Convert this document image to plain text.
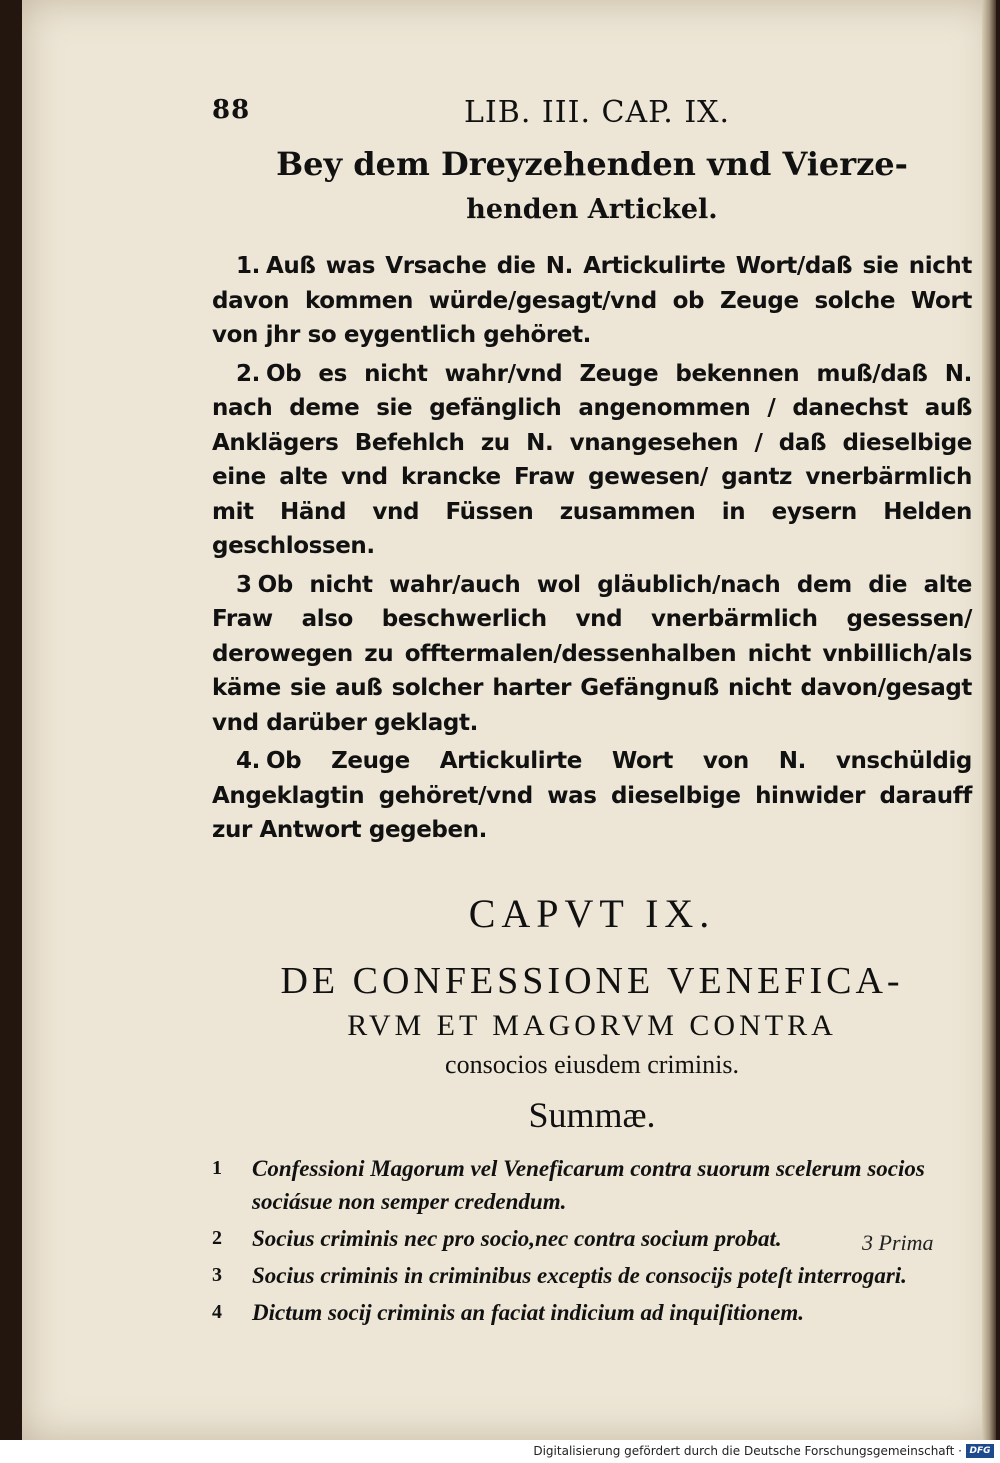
88	LIB. III. CAP. IX.
Bey dem Dreyzehenden vnd Vierze-
henden Artickel.

1. Auß was Vrsache die N. Artickulirte Wort/daß sie nicht davon kommen würde/gesagt/vnd ob Zeuge solche Wort von jhr so eygentlich gehöret.

2. Ob es nicht wahr/vnd Zeuge bekennen muß/daß N. nach deme sie gefänglich angenommen / danechst auß Anklägers Befehlch zu N. vnangesehen / daß dieselbige eine alte vnd krancke Fraw gewesen/ gantz vnerbärmlich mit Händ vnd Füssen zusammen in eysern Helden geschlossen.

3 Ob nicht wahr/auch wol gläublich/nach dem die alte Fraw also beschwerlich vnd vnerbärmlich gesessen/ derowegen zu offtermalen/dessenhalben nicht vnbillich/als käme sie auß solcher harter Gefängnuß nicht davon/gesagt vnd darüber geklagt.

4. Ob Zeuge Artickulirte Wort von N. vnschüldig Angeklagtin gehöret/vnd was dieselbige hinwider darauff zur Antwort gegeben.

CAPVT IX.
DE CONFESSIONE VENEFICA-
RVM ET MAGORVM CONTRA
consocios eiusdem criminis.
Summæ.
1 Confessioni Magorum vel Veneficarum contra suorum scelerum socios sociásue non semper credendum.
2 Socius criminis nec pro socio,nec contra socium probat.
3 Socius criminis in criminibus exceptis de consocijs poteſt interrogari.
4 Dictum socij criminis an faciat indicium ad inquiſitionem.
3 Prima
Digitalisierung gefördert durch die Deutsche Forschungsgemeinschaft · DFG
